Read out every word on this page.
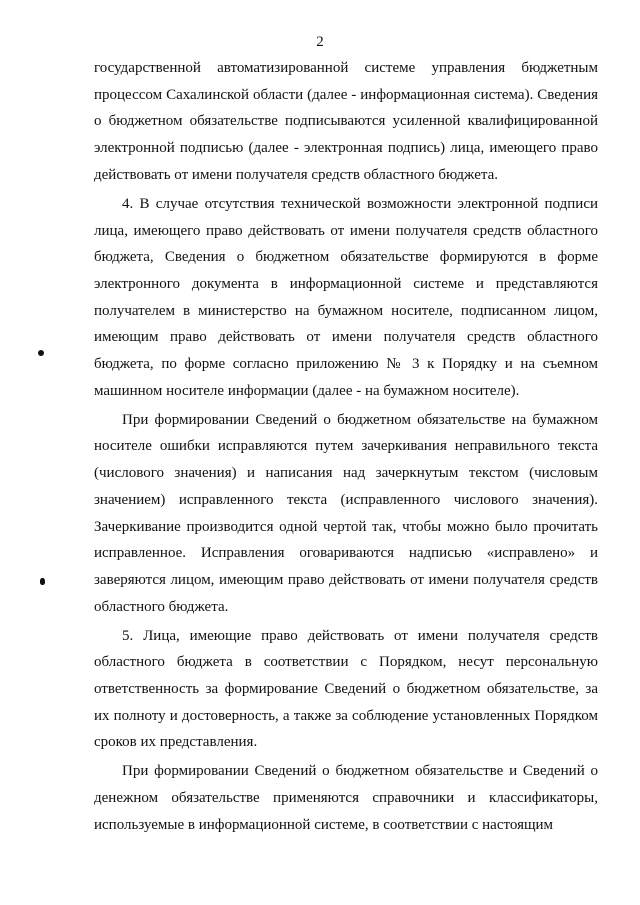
2

государственной автоматизированной системе управления бюджетным процессом Сахалинской области (далее - информационная система). Сведения о бюджетном обязательстве подписываются усиленной квалифицированной электронной подписью (далее - электронная подпись) лица, имеющего право действовать от имени получателя средств областного бюджета.

4. В случае отсутствия технической возможности электронной подписи лица, имеющего право действовать от имени получателя средств областного бюджета, Сведения о бюджетном обязательстве формируются в форме электронного документа в информационной системе и представляются получателем в министерство на бумажном носителе, подписанном лицом, имеющим право действовать от имени получателя средств областного бюджета, по форме согласно приложению № 3 к Порядку и на съемном машинном носителе информации (далее - на бумажном носителе).

При формировании Сведений о бюджетном обязательстве на бумажном носителе ошибки исправляются путем зачеркивания неправильного текста (числового значения) и написания над зачеркнутым текстом (числовым значением) исправленного текста (исправленного числового значения). Зачеркивание производится одной чертой так, чтобы можно было прочитать исправленное. Исправления оговариваются надписью «исправлено» и заверяются лицом, имеющим право действовать от имени получателя средств областного бюджета.

5. Лица, имеющие право действовать от имени получателя средств областного бюджета в соответствии с Порядком, несут персональную ответственность за формирование Сведений о бюджетном обязательстве, за их полноту и достоверность, а также за соблюдение установленных Порядком сроков их представления.

При формировании Сведений о бюджетном обязательстве и Сведений о денежном обязательстве применяются справочники и классификаторы, используемые в информационной системе, в соответствии с настоящим
